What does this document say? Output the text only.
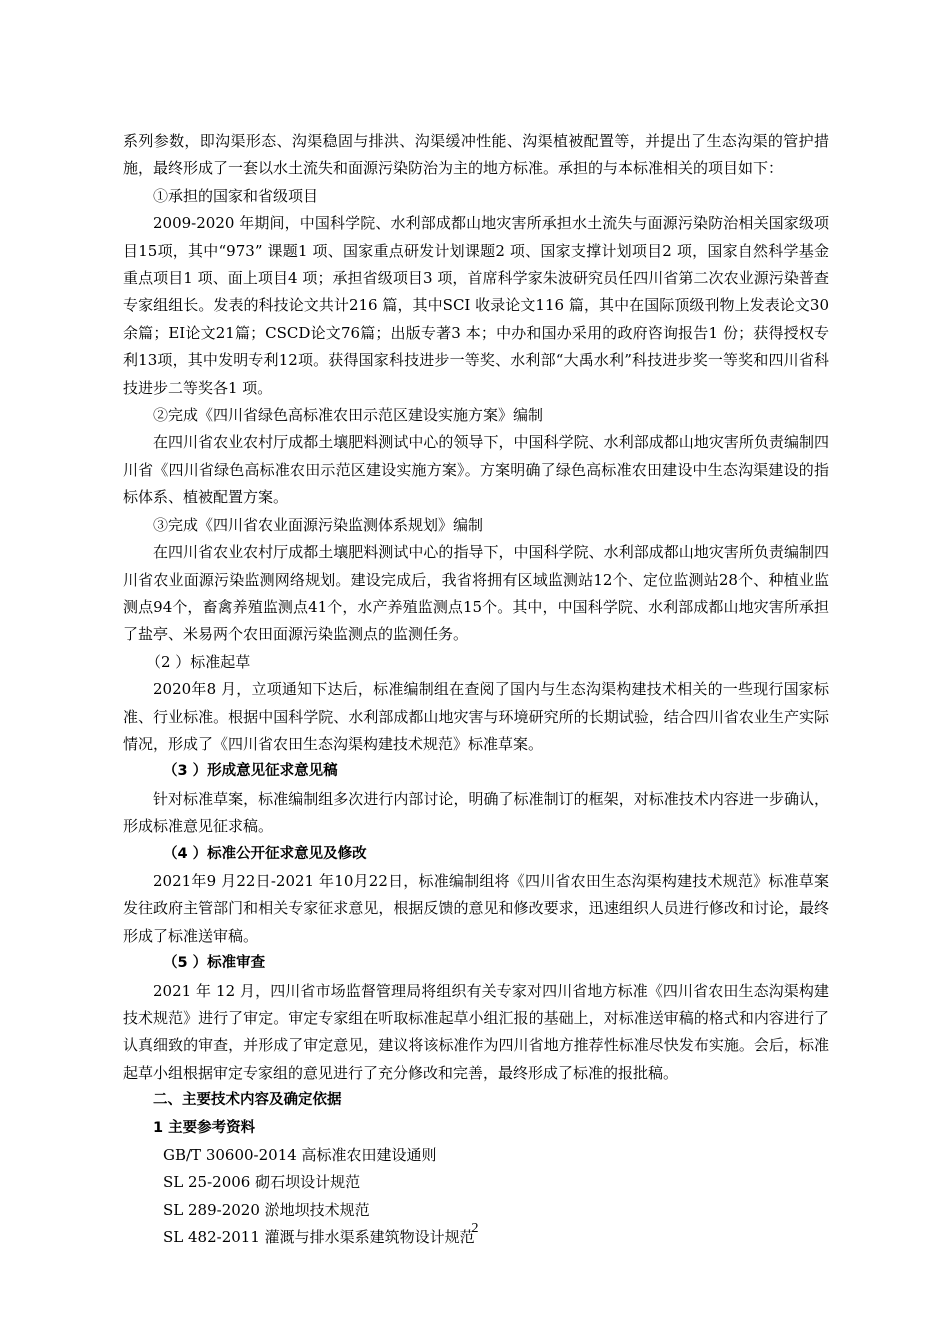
系列参数，即沟渠形态、沟渠稳固与排洪、沟渠缓冲性能、沟渠植被配置等，并提出了生态沟渠的管护措施，最终形成了一套以水土流失和面源污染防治为主的地方标准。承担的与本标准相关的项目如下：

①承担的国家和省级项目

2009-2020 年期间，中国科学院、水利部成都山地灾害所承担水土流失与面源污染防治相关国家级项目15项，其中“973” 课题1 项、国家重点研发计划课题2 项、国家支撑计划项目2 项，国家自然科学基金重点项目1 项、面上项目4 项；承担省级项目3 项，首席科学家朱波研究员任四川省第二次农业源污染普查专家组组长。发表的科技论文共计216 篇，其中SCI 收录论文116 篇，其中在国际顶级刊物上发表论文30余篇；EI论文21篇；CSCD论文76篇；出版专著3 本；中办和国办采用的政府咨询报告1 份；获得授权专利13项，其中发明专利12项。获得国家科技进步一等奖、水利部“大禹水利”科技进步奖一等奖和四川省科技进步二等奖各1 项。

②完成《四川省绿色高标准农田示范区建设实施方案》编制

在四川省农业农村厅成都土壤肥料测试中心的领导下，中国科学院、水利部成都山地灾害所负责编制四川省《四川省绿色高标准农田示范区建设实施方案》。方案明确了绿色高标准农田建设中生态沟渠建设的指标体系、植被配置方案。

③完成《四川省农业面源污染监测体系规划》编制

在四川省农业农村厅成都土壤肥料测试中心的指导下，中国科学院、水利部成都山地灾害所负责编制四川省农业面源污染监测网络规划。建设完成后，我省将拥有区域监测站12个、定位监测站28个、种植业监测点94个，畜禽养殖监测点41个，水产养殖监测点15个。其中，中国科学院、水利部成都山地灾害所承担了盐亭、米易两个农田面源污染监测点的监测任务。

（2 ）标准起草

2020年8 月，立项通知下达后，标准编制组在查阅了国内与生态沟渠构建技术相关的一些现行国家标准、行业标准。根据中国科学院、水利部成都山地灾害与环境研究所的长期试验，结合四川省农业生产实际情况，形成了《四川省农田生态沟渠构建技术规范》标准草案。

（3 ）形成意见征求意见稿

针对标准草案，标准编制组多次进行内部讨论，明确了标准制订的框架，对标准技术内容进一步确认，形成标准意见征求稿。

（4 ）标准公开征求意见及修改

2021年9 月22日-2021 年10月22日，标准编制组将《四川省农田生态沟渠构建技术规范》标准草案发往政府主管部门和相关专家征求意见，根据反馈的意见和修改要求，迅速组织人员进行修改和讨论，最终形成了标准送审稿。

（5 ）标准审查

2021 年 12 月，四川省市场监督管理局将组织有关专家对四川省地方标准《四川省农田生态沟渠构建技术规范》进行了审定。审定专家组在听取标准起草小组汇报的基础上，对标准送审稿的格式和内容进行了认真细致的审查，并形成了审定意见，建议将该标准作为四川省地方推荐性标准尽快发布实施。会后，标准起草小组根据审定专家组的意见进行了充分修改和完善，最终形成了标准的报批稿。

二、主要技术内容及确定依据

1 主要参考资料

GB/T 30600-2014 高标准农田建设通则

SL 25-2006 砌石坝设计规范

SL 289-2020 淤地坝技术规范

SL 482-2011 灌溉与排水渠系建筑物设计规范

2
